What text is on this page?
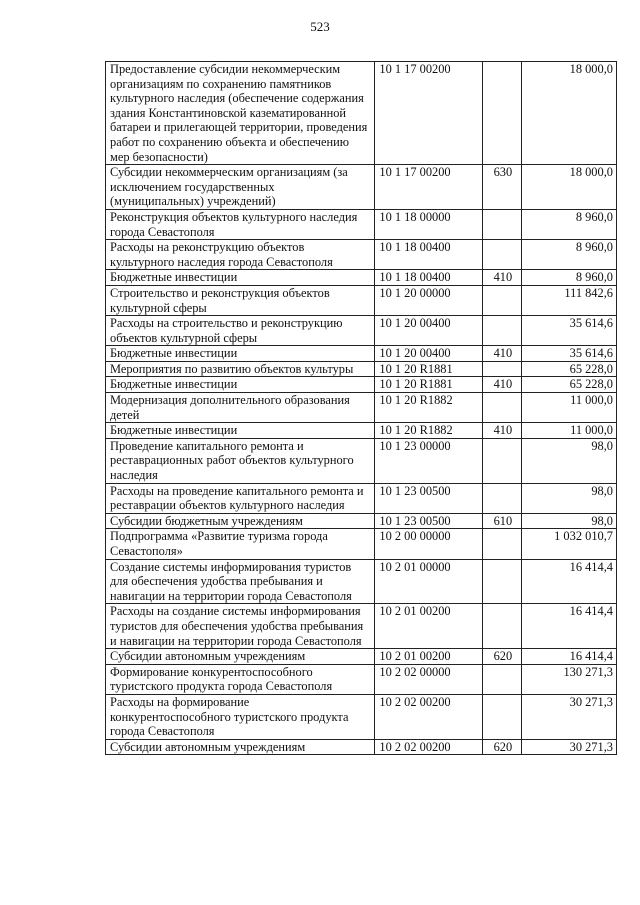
523
Предоставление субсидии некоммерческим организациям по сохранению памятников культурного наследия (обеспечение содержания здания Константиновской казематированной батареи и прилегающей территории, проведения работ по сохранению объекта и обеспечению мер безопасности)	10 1 17 00200		18 000,0
Субсидии некоммерческим организациям (за исключением государственных (муниципальных) учреждений)	10 1 17 00200	630	18 000,0
Реконструкция объектов культурного наследия города Севастополя	10 1 18 00000		8 960,0
Расходы на реконструкцию объектов культурного наследия города Севастополя	10 1 18 00400		8 960,0
Бюджетные инвестиции	10 1 18 00400	410	8 960,0
Строительство и реконструкция объектов культурной сферы	10 1 20 00000		111 842,6
Расходы на строительство и реконструкцию объектов культурной сферы	10 1 20 00400		35 614,6
Бюджетные инвестиции	10 1 20 00400	410	35 614,6
Мероприятия по развитию объектов культуры	10 1 20 R1881		65 228,0
Бюджетные инвестиции	10 1 20 R1881	410	65 228,0
Модернизация дополнительного образования детей	10 1 20 R1882		11 000,0
Бюджетные инвестиции	10 1 20 R1882	410	11 000,0
Проведение капитального ремонта и реставрационных работ объектов культурного наследия	10 1 23 00000		98,0
Расходы на проведение капитального ремонта и реставрации объектов культурного наследия	10 1 23 00500		98,0
Субсидии бюджетным учреждениям	10 1 23 00500	610	98,0
Подпрограмма «Развитие туризма города Севастополя»	10 2 00 00000		1 032 010,7
Создание системы информирования туристов для обеспечения удобства пребывания и навигации на территории города Севастополя	10 2 01 00000		16 414,4
Расходы на создание системы информирования туристов для обеспечения удобства пребывания и навигации на территории города Севастополя	10 2 01 00200		16 414,4
Субсидии автономным учреждениям	10 2 01 00200	620	16 414,4
Формирование конкурентоспособного туристского продукта города Севастополя	10 2 02 00000		130 271,3
Расходы на формирование конкурентоспособного туристского продукта города Севастополя	10 2 02 00200		30 271,3
Субсидии автономным учреждениям	10 2 02 00200	620	30 271,3
